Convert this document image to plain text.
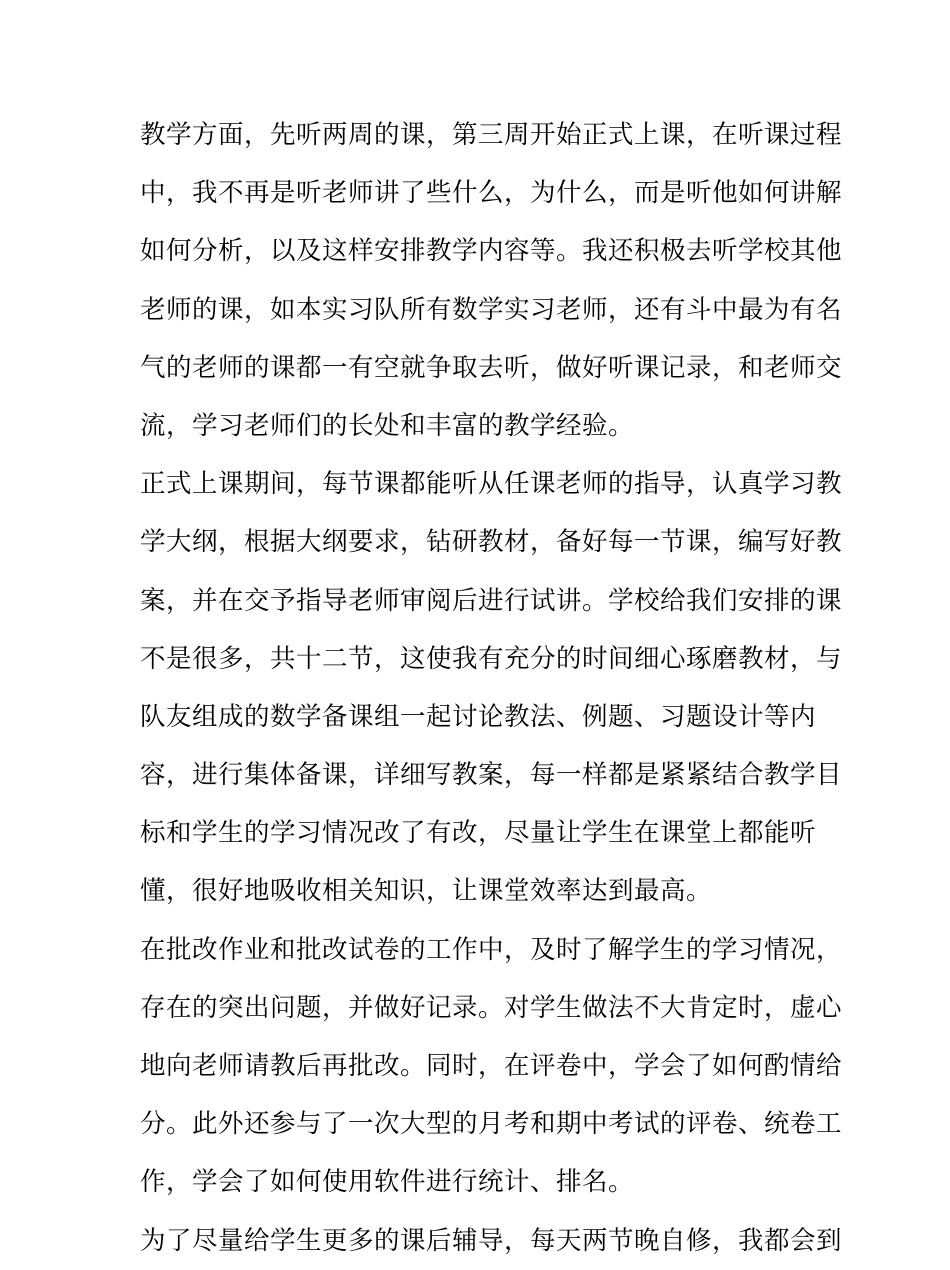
教学方面，先听两周的课，第三周开始正式上课，在听课过程
中，我不再是听老师讲了些什么，为什么，而是听他如何讲解
如何分析，以及这样安排教学内容等。我还积极去听学校其他
老师的课，如本实习队所有数学实习老师，还有斗中最为有名
气的老师的课都一有空就争取去听，做好听课记录，和老师交
流，学习老师们的长处和丰富的教学经验。
正式上课期间，每节课都能听从任课老师的指导，认真学习教
学大纲，根据大纲要求，钻研教材，备好每一节课，编写好教
案，并在交予指导老师审阅后进行试讲。学校给我们安排的课
不是很多，共十二节，这使我有充分的时间细心琢磨教材，与
队友组成的数学备课组一起讨论教法、例题、习题设计等内
容，进行集体备课，详细写教案，每一样都是紧紧结合教学目
标和学生的学习情况改了有改，尽量让学生在课堂上都能听
懂，很好地吸收相关知识，让课堂效率达到最高。
在批改作业和批改试卷的工作中，及时了解学生的学习情况，
存在的突出问题，并做好记录。对学生做法不大肯定时，虚心
地向老师请教后再批改。同时，在评卷中，学会了如何酌情给
分。此外还参与了一次大型的月考和期中考试的评卷、统卷工
作，学会了如何使用软件进行统计、排名。
为了尽量给学生更多的课后辅导，每天两节晚自修，我都会到
